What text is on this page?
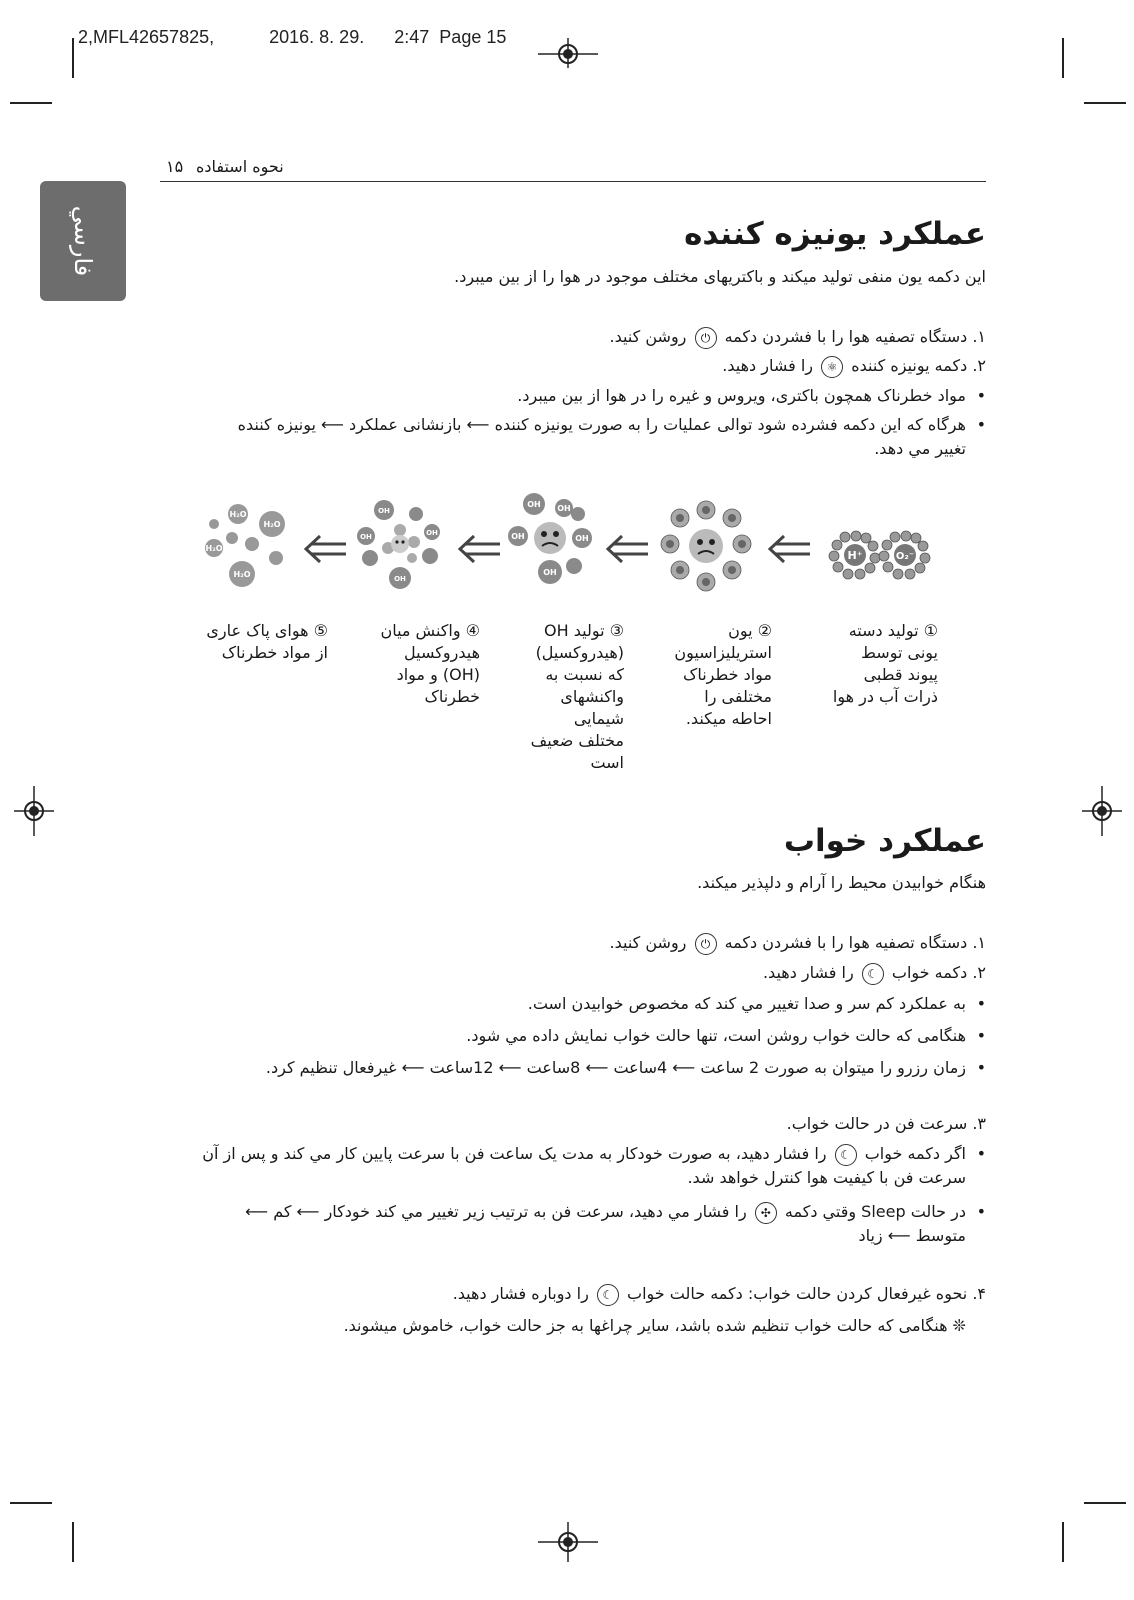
2,MFL42657825,	2016. 8. 29. 2:47 Page 15
فارسي
۱۵ نحوه استفاده
عملکرد یونیزه کننده
این دکمه یون منفی تولید میکند و باکتریهای مختلف موجود در هوا را از بین میبرد.
۱. دستگاه تصفیه هوا را با فشردن دکمه ⏻ روشن کنید.
۲. دکمه یونیزه کننده ⚛ را فشار دهید.
•
مواد خطرناک همچون باکتری، ویروس و غیره را در هوا از بین میبرد.
•
هرگاه که این دکمه فشرده شود توالی عملیات را به صورت یونیزه کننده ⟵ بازنشانی عملکرد ⟵ یونیزه کننده تغییر مي دهد.
H⁺	O₂⁻
OH OH
OH	OH
OH
OH
OH	OH
OH
H₂O
H₂O
H₂O
H₂O
① تولید دسته
یونی توسط
پیوند قطبی
ذرات آب در هوا
② یون
استریلیزاسیون
مواد خطرناک
مختلفی را
احاطه میکند.
③ تولید OH
(هیدروکسیل)
که نسبت به
واکنشهای
شیمایی
مختلف ضعیف
است
④ واکنش میان
هیدروکسیل
(OH) و مواد
خطرناک
⑤ هوای پاک عاری
از مواد خطرناک
عملکرد خواب
هنگام خوابیدن محیط را آرام و دلپذیر میکند.
۱. دستگاه تصفیه هوا را با فشردن دکمه ⏻ روشن کنید.
۲. دکمه خواب ☾ را فشار دهید.
•
به عملکرد کم سر و صدا تغییر مي کند که مخصوص خوابیدن است.
•
هنگامی که حالت خواب روشن است، تنها حالت خواب نمایش داده مي شود.
•
زمان رزرو را میتوان به صورت 2 ساعت ⟵ 4ساعت ⟵ 8ساعت ⟵ 12ساعت ⟵ غیرفعال تنظیم کرد.
۳. سرعت فن در حالت خواب.
•
اگر دکمه خواب ☾ را فشار دهید، به صورت خودکار به مدت یک ساعت فن با سرعت پایین کار مي کند و پس از آن سرعت فن با کیفیت هوا کنترل خواهد شد.
•
در حالت Sleep وقتي دکمه ✣ را فشار مي دهید، سرعت فن به ترتیب زیر تغییر مي کند خودکار ⟵ کم ⟵ متوسط ⟵ زیاد
۴. نحوه غیرفعال کردن حالت خواب: دکمه حالت خواب ☾ را دوباره فشار دهید.
❊ هنگامی که حالت خواب تنظیم شده باشد، سایر چراغها به جز حالت خواب، خاموش میشوند.
